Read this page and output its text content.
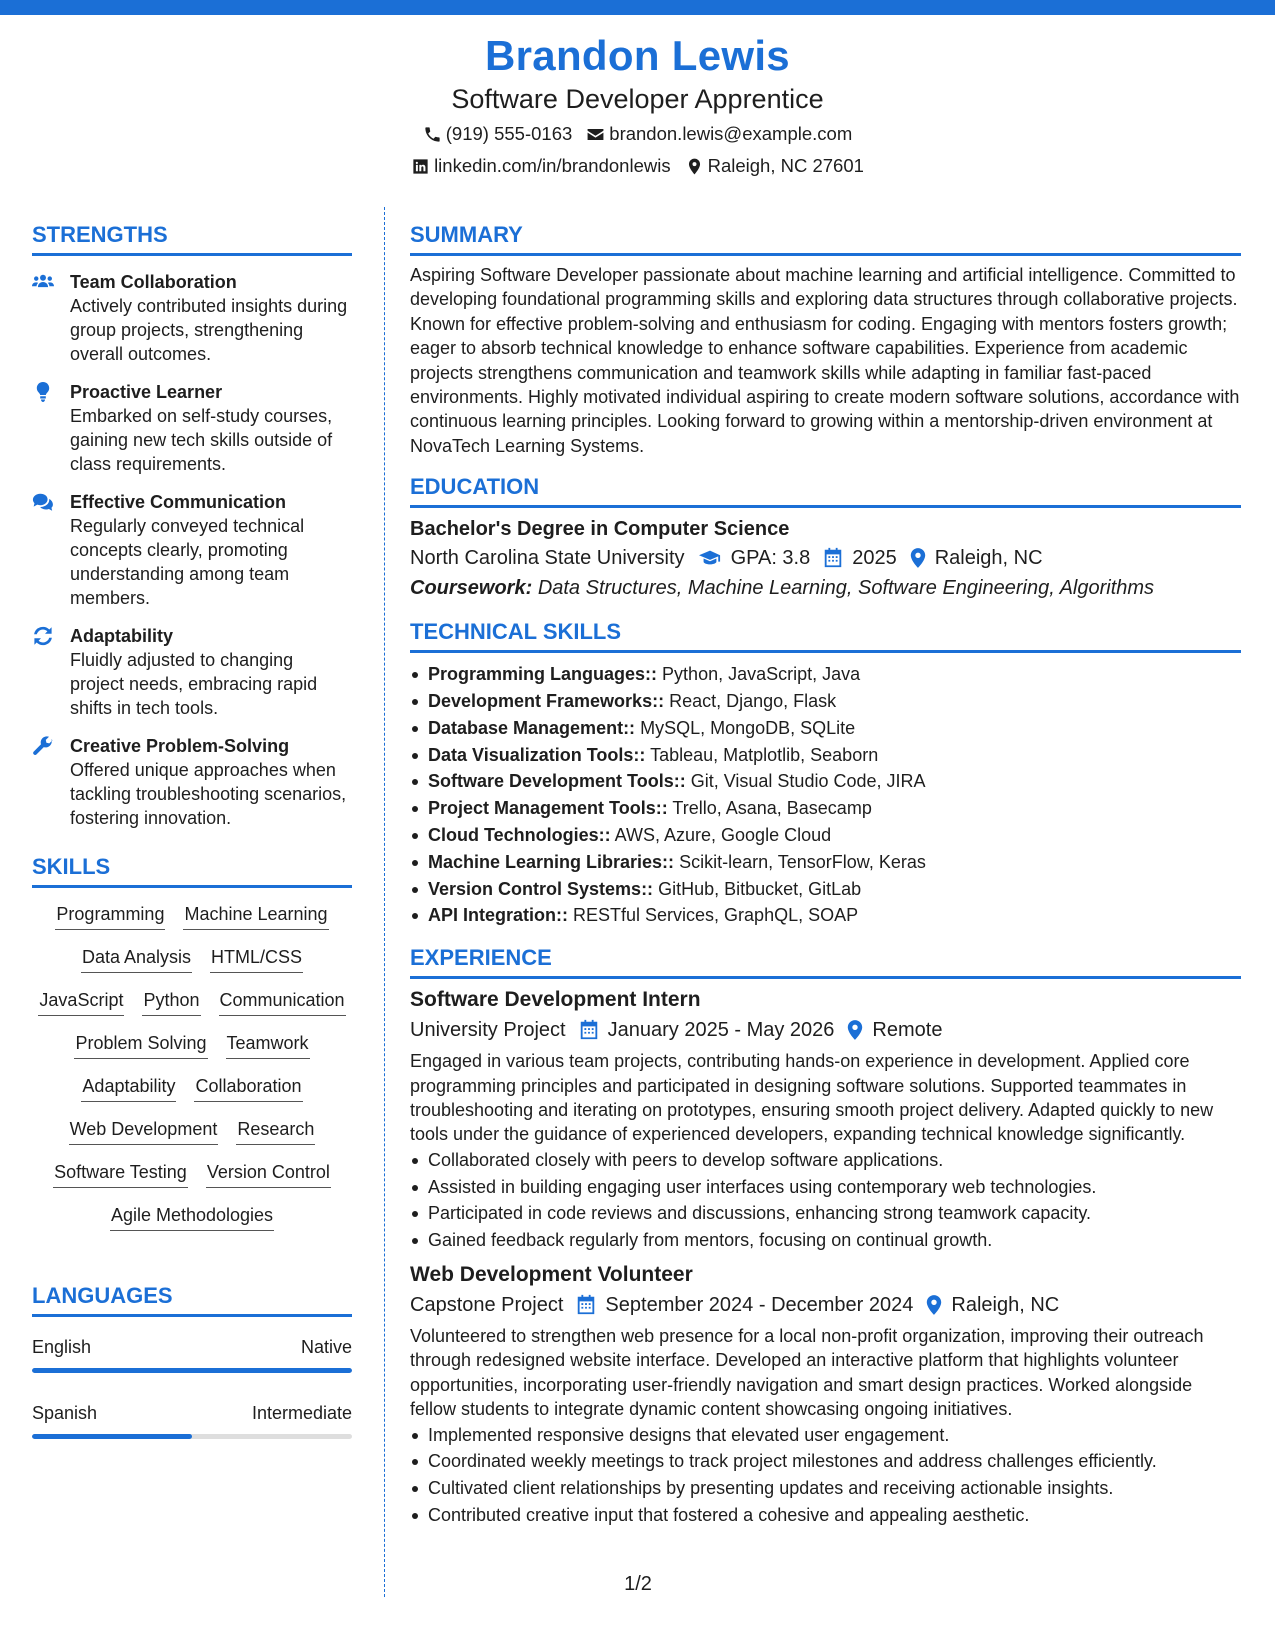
Brandon Lewis
Software Developer Apprentice
(919) 555-0163 brandon.lewis@example.com
linkedin.com/in/brandonlewis Raleigh, NC 27601
STRENGTHS
Team Collaboration
Actively contributed insights during group projects, strengthening overall outcomes.
Proactive Learner
Embarked on self-study courses, gaining new tech skills outside of class requirements.
Effective Communication
Regularly conveyed technical concepts clearly, promoting understanding among team members.
Adaptability
Fluidly adjusted to changing project needs, embracing rapid shifts in tech tools.
Creative Problem-Solving
Offered unique approaches when tackling troubleshooting scenarios, fostering innovation.
SKILLS
Programming Machine Learning
Data Analysis HTML/CSS
JavaScript Python Communication
Problem Solving Teamwork
Adaptability Collaboration
Web Development Research
Software Testing Version Control
Agile Methodologies
LANGUAGES
English	Native
Spanish	Intermediate
SUMMARY

Aspiring Software Developer passionate about machine learning and artificial intelligence. Committed to developing foundational programming skills and exploring data structures through collaborative projects. Known for effective problem-solving and enthusiasm for coding. Engaging with mentors fosters growth; eager to absorb technical knowledge to enhance software capabilities. Experience from academic projects strengthens communication and teamwork skills while adapting in familiar fast-paced environments. Highly motivated individual aspiring to create modern software solutions, accordance with continuous learning principles. Looking forward to growing within a mentorship-driven environment at NovaTech Learning Systems.

EDUCATION
Bachelor's Degree in Computer Science
North Carolina State University GPA: 3.8 2025 Raleigh, NC
Coursework: Data Structures, Machine Learning, Software Engineering, Algorithms
TECHNICAL SKILLS
Programming Languages:: Python, JavaScript, Java
Development Frameworks:: React, Django, Flask
Database Management:: MySQL, MongoDB, SQLite
Data Visualization Tools:: Tableau, Matplotlib, Seaborn
Software Development Tools:: Git, Visual Studio Code, JIRA
Project Management Tools:: Trello, Asana, Basecamp
Cloud Technologies:: AWS, Azure, Google Cloud
Machine Learning Libraries:: Scikit-learn, TensorFlow, Keras
Version Control Systems:: GitHub, Bitbucket, GitLab
API Integration:: RESTful Services, GraphQL, SOAP
EXPERIENCE
Software Development Intern
University Project January 2025 - May 2026 Remote

Engaged in various team projects, contributing hands-on experience in development. Applied core programming principles and participated in designing software solutions. Supported teammates in troubleshooting and iterating on prototypes, ensuring smooth project delivery. Adapted quickly to new tools under the guidance of experienced developers, expanding technical knowledge significantly.

Collaborated closely with peers to develop software applications.
Assisted in building engaging user interfaces using contemporary web technologies.
Participated in code reviews and discussions, enhancing strong teamwork capacity.
Gained feedback regularly from mentors, focusing on continual growth.
Web Development Volunteer
Capstone Project September 2024 - December 2024 Raleigh, NC

Volunteered to strengthen web presence for a local non-profit organization, improving their outreach through redesigned website interface. Developed an interactive platform that highlights volunteer opportunities, incorporating user-friendly navigation and smart design practices. Worked alongside fellow students to integrate dynamic content showcasing ongoing initiatives.

Implemented responsive designs that elevated user engagement.
Coordinated weekly meetings to track project milestones and address challenges efficiently.
Cultivated client relationships by presenting updates and receiving actionable insights.
Contributed creative input that fostered a cohesive and appealing aesthetic.
1/2
